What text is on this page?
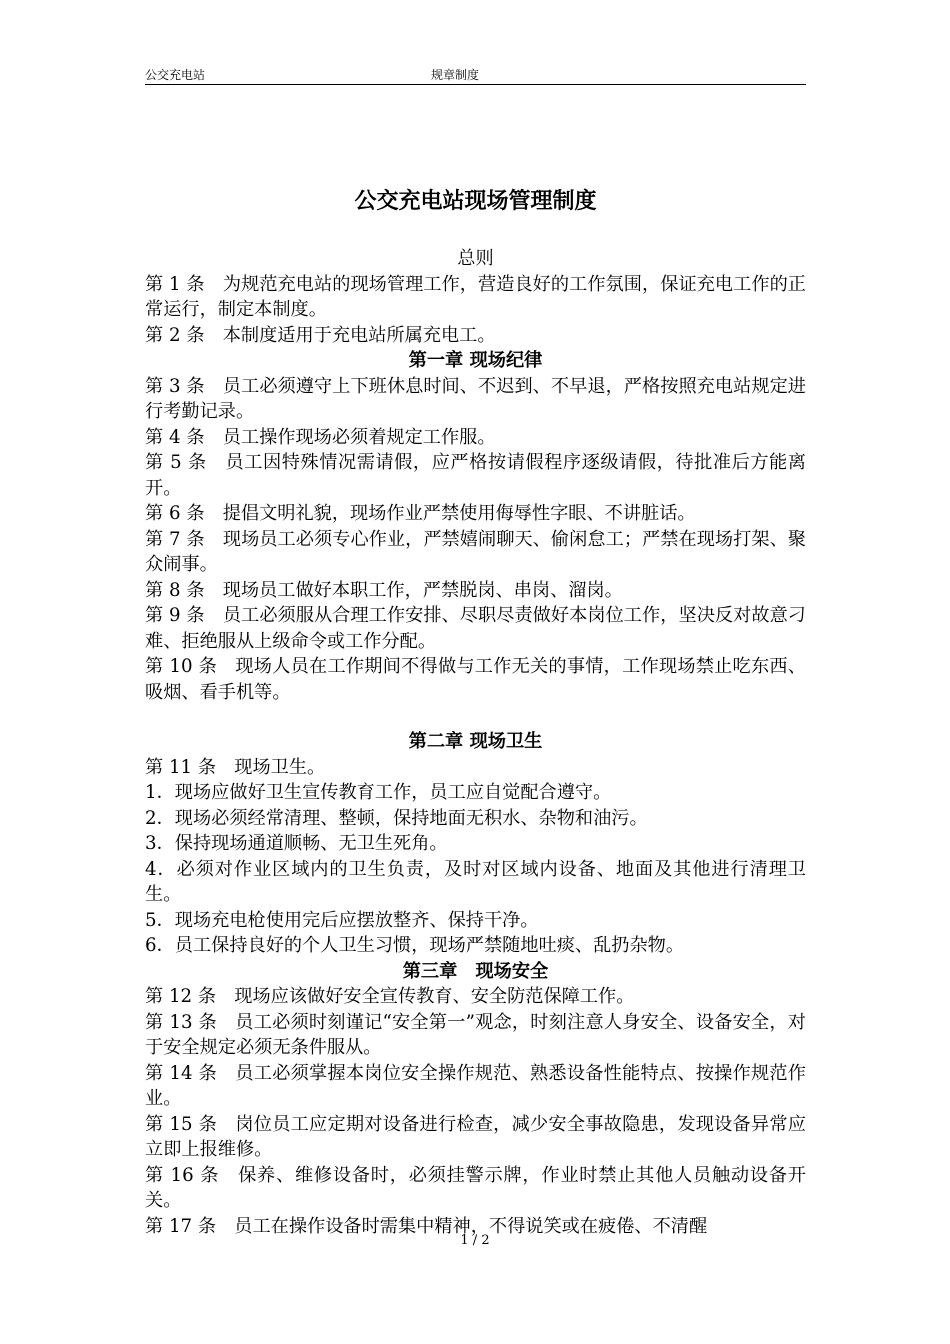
公交充电站	规章制度
公交充电站现场管理制度
总则
第 1 条　为规范充电站的现场管理工作，营造良好的工作氛围，保证充电工作的正常运行，制定本制度。
第 2 条　本制度适用于充电站所属充电工。
第一章 现场纪律
第 3 条　员工必须遵守上下班休息时间、不迟到、不早退，严格按照充电站规定进行考勤记录。
第 4 条　员工操作现场必须着规定工作服。
第 5 条　员工因特殊情况需请假，应严格按请假程序逐级请假，待批准后方能离开。
第 6 条　提倡文明礼貌，现场作业严禁使用侮辱性字眼、不讲脏话。
第 7 条　现场员工必须专心作业，严禁嬉闹聊天、偷闲怠工；严禁在现场打架、聚众闹事。
第 8 条　现场员工做好本职工作，严禁脱岗、串岗、溜岗。
第 9 条　员工必须服从合理工作安排、尽职尽责做好本岗位工作，坚决反对故意刁难、拒绝服从上级命令或工作分配。
第 10 条　现场人员在工作期间不得做与工作无关的事情，工作现场禁止吃东西、吸烟、看手机等。
第二章 现场卫生
第 11 条　现场卫生。
1．现场应做好卫生宣传教育工作，员工应自觉配合遵守。
2．现场必须经常清理、整顿，保持地面无积水、杂物和油污。
3．保持现场通道顺畅、无卫生死角。
4．必须对作业区域内的卫生负责，及时对区域内设备、地面及其他进行清理卫生。
5．现场充电枪使用完后应摆放整齐、保持干净。
6．员工保持良好的个人卫生习惯，现场严禁随地吐痰、乱扔杂物。
第三章　现场安全
第 12 条　现场应该做好安全宣传教育、安全防范保障工作。
第 13 条　员工必须时刻谨记“安全第一”观念，时刻注意人身安全、设备安全，对于安全规定必须无条件服从。
第 14 条　员工必须掌握本岗位安全操作规范、熟悉设备性能特点、按操作规范作业。
第 15 条　岗位员工应定期对设备进行检查，减少安全事故隐患，发现设备异常应立即上报维修。
第 16 条　保养、维修设备时，必须挂警示牌，作业时禁止其他人员触动设备开关。
第 17 条　员工在操作设备时需集中精神，不得说笑或在疲倦、不清醒
1 / 2
